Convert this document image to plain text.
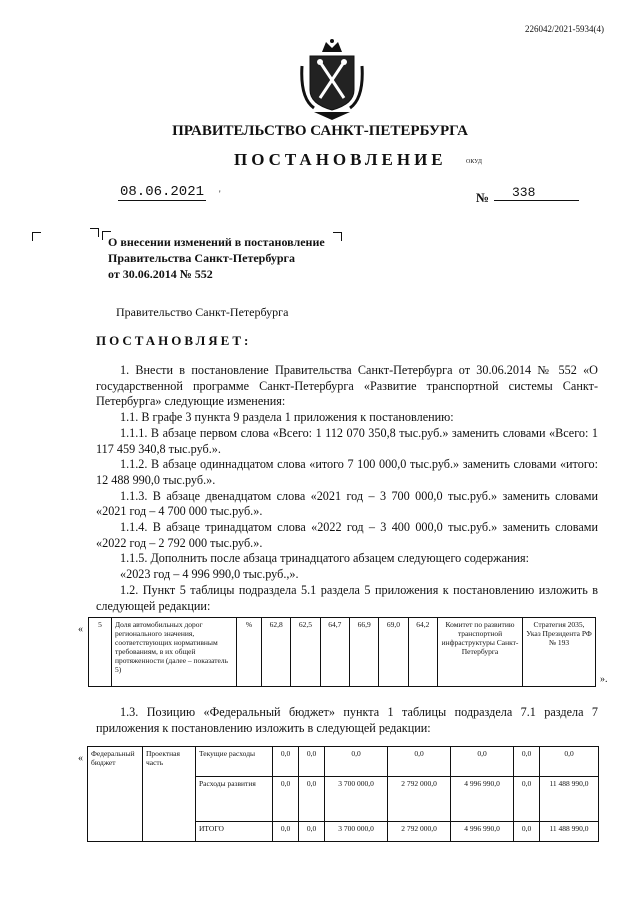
226042/2021-5934(4)
ПРАВИТЕЛЬСТВО САНКТ-ПЕТЕРБУРГА
ПОСТАНОВЛЕНИЕ	ОКУД
08.06.2021 '	№	338
О внесении изменений в постановление
Правительства Санкт-Петербурга
от 30.06.2014 № 552
Правительство Санкт-Петербурга
ПОСТАНОВЛЯЕТ:

1. Внести в постановление Правительства Санкт-Петербурга от 30.06.2014 № 552 «О государственной программе Санкт-Петербурга «Развитие транспортной системы Санкт-Петербурга» следующие изменения:

1.1. В графе 3 пункта 9 раздела 1 приложения к постановлению:

1.1.1. В абзаце первом слова «Всего: 1 112 070 350,8 тыс.руб.» заменить словами «Всего: 1 117 459 340,8 тыс.руб.».

1.1.2. В абзаце одиннадцатом слова «итого 7 100 000,0 тыс.руб.» заменить словами «итого: 12 488 990,0 тыс.руб.».

1.1.3. В абзаце двенадцатом слова «2021 год – 3 700 000,0 тыс.руб.» заменить словами «2021 год – 4 700 000 тыс.руб.».

1.1.4. В абзаце тринадцатом слова «2022 год – 3 400 000,0 тыс.руб.» заменить словами «2022 год – 2 792 000 тыс.руб.».

1.1.5. Дополнить после абзаца тринадцатого абзацем следующего содержания:

«2023 год – 4 996 990,0 тыс.руб.,».

1.2. Пункт 5 таблицы подраздела 5.1 раздела 5 приложения к постановлению изложить в следующей редакции:

« 5	Доля автомобильных дорог регионального значения, соответствующих нормативным требованиям, в их общей протяженности (далее – показатель 5)	%	62,8	62,5	64,7	66,9	69,0	64,2	Комитет по развитию транспортной инфраструктуры Санкт-Петербурга	Стратегия 2035, Указ Президента РФ № 193
».
1.3. Позицию «Федеральный бюджет» пункта 1 таблицы подраздела 7.1 раздела 7 приложения к постановлению изложить в следующей редакции:
« Федеральный бюджет	Проектная часть	Текущие расходы	0,0	0,0	0,0	0,0	0,0	0,0	0,0
		Расходы развития	0,0	0,0	3 700 000,0	2 792 000,0	4 996 990,0	0,0	11 488 990,0
		ИТОГО	0,0	0,0	3 700 000,0	2 792 000,0	4 996 990,0	0,0	11 488 990,0
